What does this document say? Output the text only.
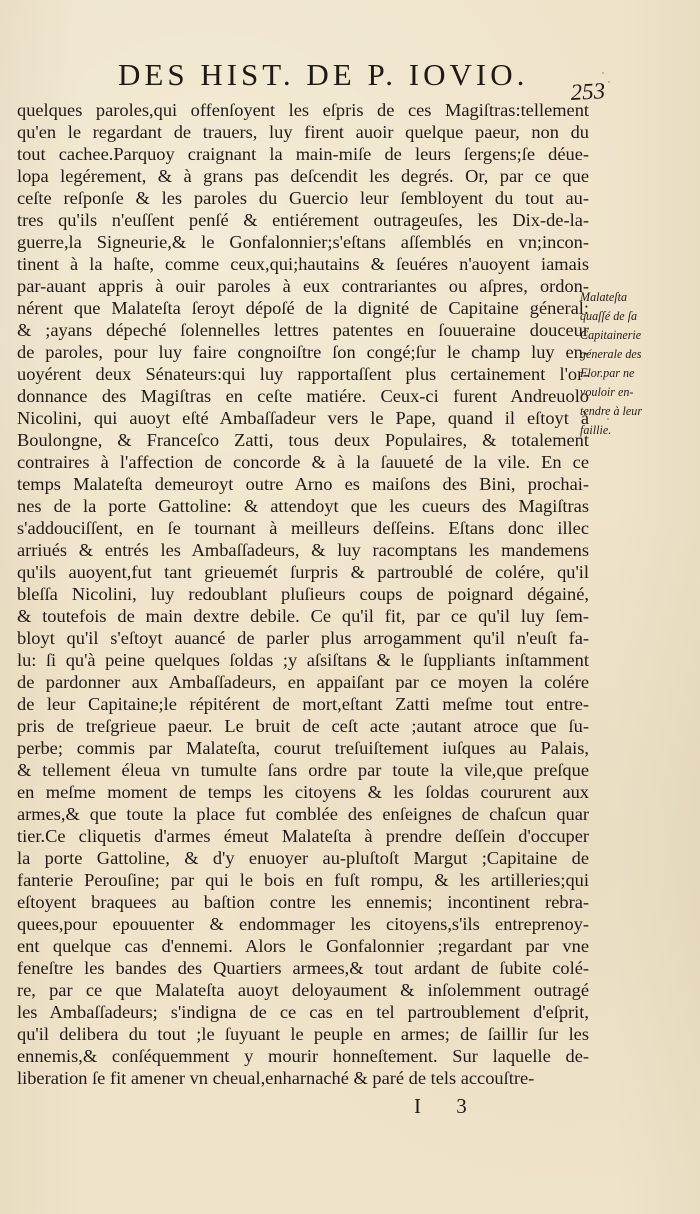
DES HIST. DE P. IOVIO.	253
quelques paroles,qui offenſoyent les eſpris de ces Magiſtras:tellement
qu'en le regardant de trauers, luy firent auoir quelque paeur, non du
tout cachee.Parquoy craignant la main-miſe de leurs ſergens;ſe déue-
lopa legérement, & à grans pas deſcendit les degrés. Or, par ce que
ceſte reſponſe & les paroles du Guercio leur ſembloyent du tout au-
tres qu'ils n'euſſent penſé & entiérement outrageuſes, les Dix-de-la-
guerre,la Signeurie,& le Gonfalonnier;s'eſtans aſſemblés en vn;incon-
tinent à la haſte, comme ceux,qui;hautains & ſeuéres n'auoyent iamais
par-auant appris à ouir paroles à eux contrariantes ou aſpres, ordon-
nérent que Malateſta ſeroyt dépoſé de la dignité de Capitaine géneral:
& ;ayans dépeché ſolennelles lettres patentes en ſouueraine douceur
de paroles, pour luy faire congnoiſtre ſon congé;ſur le champ luy en-
uoyérent deux Sénateurs:qui luy rapportaſſent plus certainement l'or-
donnance des Magiſtras en ceſte matiére. Ceux-ci furent Andreuolo
Nicolini, qui auoyt eſté Ambaſſadeur vers le Pape, quand il eſtoyt à
Boulongne, & Franceſco Zatti, tous deux Populaires, & totalement
contraires à l'affection de concorde & à la ſauueté de la vile. En ce
temps Malateſta demeuroyt outre Arno es maiſons des Bini, prochai-
nes de la porte Gattoline: & attendoyt que les cueurs des Magiſtras
s'addouciſſent, en ſe tournant à meilleurs deſſeins. Eſtans donc illec
arriués & entrés les Ambaſſadeurs, & luy racomptans les mandemens
qu'ils auoyent,fut tant grieuemét ſurpris & partroublé de colére, qu'il
bleſſa Nicolini, luy redoublant pluſieurs coups de poignard dégainé,
& toutefois de main dextre debile. Ce qu'il fit, par ce qu'il luy ſem-
bloyt qu'il s'eſtoyt auancé de parler plus arrogamment qu'il n'euſt fa-
lu: ſi qu'à peine quelques ſoldas ;y aſsiſtans & le ſuppliants inſtamment
de pardonner aux Ambaſſadeurs, en appaiſant par ce moyen la colére
de leur Capitaine;le répitérent de mort,eſtant Zatti meſme tout entre-
pris de treſgrieue paeur. Le bruit de ceſt acte ;autant atroce que ſu-
perbe; commis par Malateſta, courut treſuiſtement iuſques au Palais,
& tellement éleua vn tumulte ſans ordre par toute la vile,que preſque
en meſme moment de temps les citoyens & les ſoldas coururent aux
armes,& que toute la place fut comblée des enſeignes de chaſcun quar
tier.Ce cliquetis d'armes émeut Malateſta à prendre deſſein d'occuper
la porte Gattoline, & d'y enuoyer au-pluſtoſt Margut ;Capitaine de
fanterie Perouſine; par qui le bois en fuſt rompu, & les artilleries;qui
eſtoyent braquees au baſtion contre les ennemis; incontinent rebra-
quees,pour epouuenter & endommager les citoyens,s'ils entreprenoy-
ent quelque cas d'ennemi. Alors le Gonfalonnier ;regardant par vne
feneſtre les bandes des Quartiers armees,& tout ardant de ſubite colé-
re, par ce que Malateſta auoyt deloyaument & inſolemment outragé
les Ambaſſadeurs; s'indigna de ce cas en tel partroublement d'eſprit,
qu'il delibera du tout ;le ſuyuant le peuple en armes; de ſaillir ſur les
ennemis,& conſéquemment y mourir honneſtement. Sur laquelle de-
liberation ſe fit amener vn cheual,enharnaché & paré de tels accouſtre-
Malateſta
quaſſé de ſa
Capitainerie
génerale des
Flor.par ne
vouloir en-
tendre à leur
faillie.
I 3
